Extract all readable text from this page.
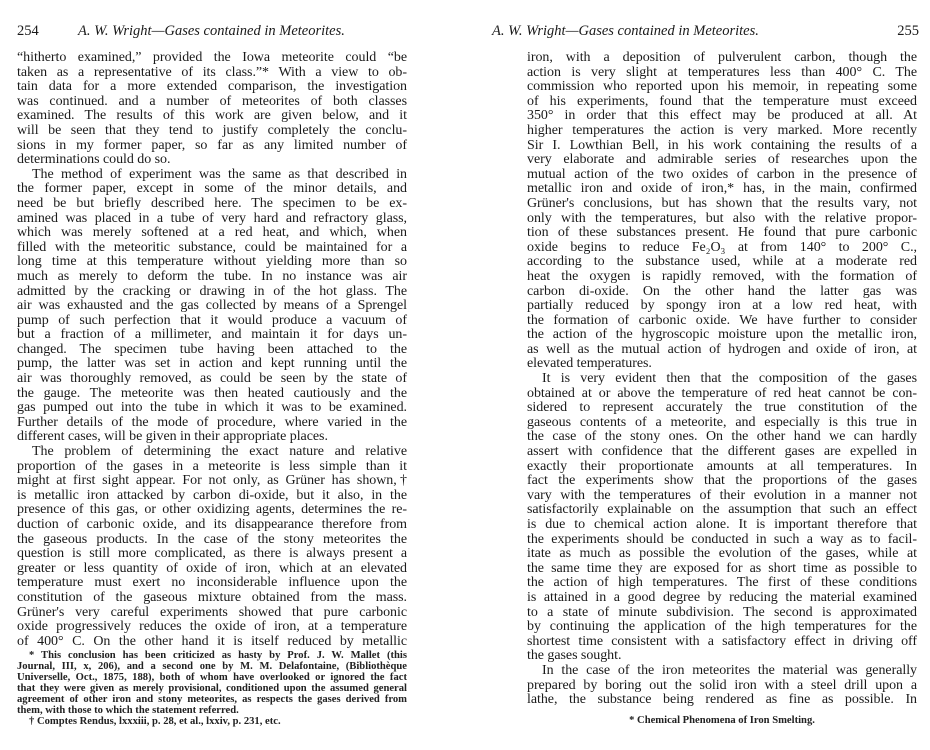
254	A. W. Wright—Gases contained in Meteorites.
“hitherto examined,” provided the Iowa meteorite could “be
taken as a representative of its class.”* With a view to ob-
tain data for a more extended comparison, the investigation
was continued. and a number of meteorites of both classes
examined. The results of this work are given below, and it
will be seen that they tend to justify completely the conclu-
sions in my former paper, so far as any limited number of
determinations could do so.
The method of experiment was the same as that described in
the former paper, except in some of the minor details, and
need be but briefly described here. The specimen to be ex-
amined was placed in a tube of very hard and refractory glass,
which was merely softened at a red heat, and which, when
filled with the meteoritic substance, could be maintained for a
long time at this temperature without yielding more than so
much as merely to deform the tube. In no instance was air
admitted by the cracking or drawing in of the hot glass. The
air was exhausted and the gas collected by means of a Sprengel
pump of such perfection that it would produce a vacuum of
but a fraction of a millimeter, and maintain it for days un-
changed. The specimen tube having been attached to the
pump, the latter was set in action and kept running until the
air was thoroughly removed, as could be seen by the state of
the gauge. The meteorite was then heated cautiously and the
gas pumped out into the tube in which it was to be examined.
Further details of the mode of procedure, where varied in the
different cases, will be given in their appropriate places.
The problem of determining the exact nature and relative
proportion of the gases in a meteorite is less simple than it
might at first sight appear. For not only, as Grüner has shown,†
is metallic iron attacked by carbon di-oxide, but it also, in the
presence of this gas, or other oxidizing agents, determines the re-
duction of carbonic oxide, and its disappearance therefore from
the gaseous products. In the case of the stony meteorites the
question is still more complicated, as there is always present a
greater or less quantity of oxide of iron, which at an elevated
temperature must exert no inconsiderable influence upon the
constitution of the gaseous mixture obtained from the mass.
Grüner's very careful experiments showed that pure carbonic
oxide progressively reduces the oxide of iron, at a temperature
of 400° C. On the other hand it is itself reduced by metallic
* This conclusion has been criticized as hasty by Prof. J. W. Mallet (this
Journal, III, x, 206), and a second one by M. M. Delafontaine, (Bibliothèque
Universelle, Oct., 1875, 188), both of whom have overlooked or ignored the fact
that they were given as merely provisional, conditioned upon the assumed general
agreement of other iron and stony meteorites, as respects the gases derived from
them, with those to which the statement referred.
† Comptes Rendus, lxxxiii, p. 28, et al., lxxiv, p. 231, etc.
A. W. Wright—Gases contained in Meteorites.	255
iron, with a deposition of pulverulent carbon, though the
action is very slight at temperatures less than 400° C. The
commission who reported upon his memoir, in repeating some
of his experiments, found that the temperature must exceed
350° in order that this effect may be produced at all. At
higher temperatures the action is very marked. More recently
Sir I. Lowthian Bell, in his work containing the results of a
very elaborate and admirable series of researches upon the
mutual action of the two oxides of carbon in the presence of
metallic iron and oxide of iron,* has, in the main, confirmed
Grüner's conclusions, but has shown that the results vary, not
only with the temperatures, but also with the relative propor-
tion of these substances present. He found that pure carbonic
oxide begins to reduce Fe₂O₃ at from 140° to 200° C.,
according to the substance used, while at a moderate red
heat the oxygen is rapidly removed, with the formation of
carbon di-oxide. On the other hand the latter gas was
partially reduced by spongy iron at a low red heat, with
the formation of carbonic oxide. We have further to consider
the action of the hygroscopic moisture upon the metallic iron,
as well as the mutual action of hydrogen and oxide of iron, at
elevated temperatures.
It is very evident then that the composition of the gases
obtained at or above the temperature of red heat cannot be con-
sidered to represent accurately the true constitution of the
gaseous contents of a meteorite, and especially is this true in
the case of the stony ones. On the other hand we can hardly
assert with confidence that the different gases are expelled in
exactly their proportionate amounts at all temperatures. In
fact the experiments show that the proportions of the gases
vary with the temperatures of their evolution in a manner not
satisfactorily explainable on the assumption that such an effect
is due to chemical action alone. It is important therefore that
the experiments should be conducted in such a way as to facil-
itate as much as possible the evolution of the gases, while at
the same time they are exposed for as short time as possible to
the action of high temperatures. The first of these conditions
is attained in a good degree by reducing the material examined
to a state of minute subdivision. The second is approximated
by continuing the application of the high temperatures for the
shortest time consistent with a satisfactory effect in driving off
the gases sought.
In the case of the iron meteorites the material was generally
prepared by boring out the solid iron with a steel drill upon a
lathe, the substance being rendered as fine as possible. In
* Chemical Phenomena of Iron Smelting.
